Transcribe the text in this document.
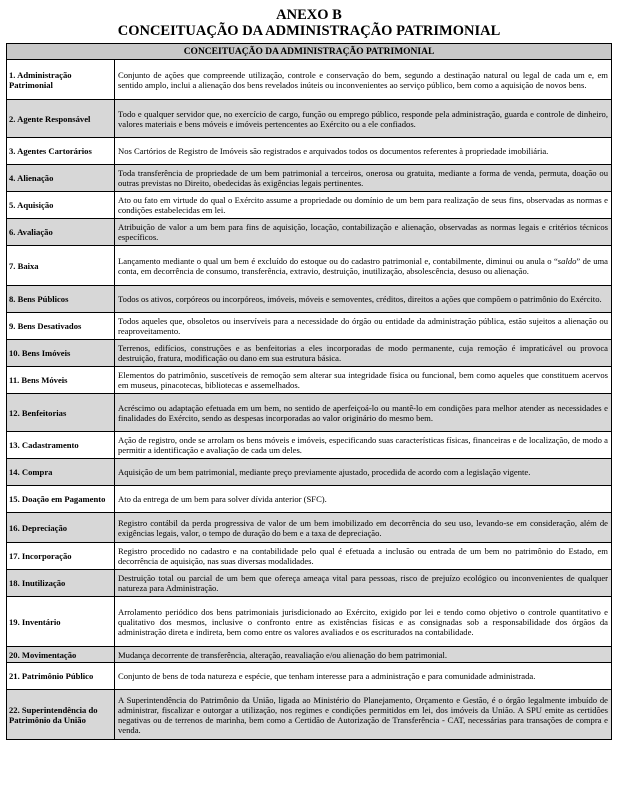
ANEXO B
CONCEITUAÇÃO DA ADMINISTRAÇÃO PATRIMONIAL
CONCEITUAÇÃO DA ADMINISTRAÇÃO PATRIMONIAL	
1. Administração Patrimonial	Conjunto de ações que compreende utilização, controle e conservação do bem, segundo a destinação natural ou legal de cada um e, em sentido amplo, inclui a alienação dos bens revelados inúteis ou inconvenientes ao serviço público, bem como a aquisição de novos bens.
2. Agente Responsável	Todo e qualquer servidor que, no exercício de cargo, função ou emprego público, responde pela administração, guarda e controle de dinheiro, valores materiais e bens móveis e imóveis pertencentes ao Exército ou a ele confiados.
3. Agentes Cartorários	Nos Cartórios de Registro de Imóveis são registrados e arquivados todos os documentos referentes à propriedade imobiliária.
4. Alienação	Toda transferência de propriedade de um bem patrimonial a terceiros, onerosa ou gratuita, mediante a forma de venda, permuta, doação ou outras previstas no Direito, obedecidas às exigências legais pertinentes.
5. Aquisição	Ato ou fato em virtude do qual o Exército assume a propriedade ou domínio de um bem para realização de seus fins, observadas as normas e condições estabelecidas em lei.
6. Avaliação	Atribuição de valor a um bem para fins de aquisição, locação, contabilização e alienação, observadas as normas legais e critérios técnicos específicos.
7. Baixa	Lançamento mediante o qual um bem é excluído do estoque ou do cadastro patrimonial e, contabilmente, diminui ou anula o “saldo” de uma conta, em decorrência de consumo, transferência, extravio, destruição, inutilização, absolescência, desuso ou alienação.
8. Bens Públicos	Todos os ativos, corpóreos ou incorpóreos, imóveis, móveis e semoventes, créditos, direitos a ações que compõem o patrimônio do Exército.
9. Bens Desativados	Todos aqueles que, obsoletos ou inservíveis para a necessidade do órgão ou entidade da administração pública, estão sujeitos a alienação ou reaproveitamento.
10. Bens Imóveis	Terrenos, edifícios, construções e as benfeitorias a eles incorporadas de modo permanente, cuja remoção é impraticável ou provoca destruição, fratura, modificação ou dano em sua estrutura básica.
11. Bens Móveis	Elementos do patrimônio, suscetíveis de remoção sem alterar sua integridade física ou funcional, bem como aqueles que constituem acervos em museus, pinacotecas, bibliotecas e assemelhados.
12. Benfeitorias	Acréscimo ou adaptação efetuada em um bem, no sentido de aperfeiçoá-lo ou mantê-lo em condições para melhor atender as necessidades e finalidades do Exército, sendo as despesas incorporadas ao valor originário do mesmo bem.
13. Cadastramento	Ação de registro, onde se arrolam os bens móveis e imóveis, especificando suas características físicas, financeiras e de localização, de modo a permitir a identificação e avaliação de cada um deles.
14. Compra	Aquisição de um bem patrimonial, mediante preço previamente ajustado, procedida de acordo com a legislação vigente.
15. Doação em Pagamento	Ato da entrega de um bem para solver dívida anterior (SFC).
16. Depreciação	Registro contábil da perda progressiva de valor de um bem imobilizado em decorrência do seu uso, levando-se em consideração, além de exigências legais, valor, o tempo de duração do bem e a taxa de depreciação.
17. Incorporação	Registro procedido no cadastro e na contabilidade pelo qual é efetuada a inclusão ou entrada de um bem no patrimônio do Estado, em decorrência de aquisição, nas suas diversas modalidades.
18. Inutilização	Destruição total ou parcial de um bem que ofereça ameaça vital para pessoas, risco de prejuízo ecológico ou inconvenientes de qualquer natureza para Administração.
19. Inventário	Arrolamento periódico dos bens patrimoniais jurisdicionado ao Exército, exigido por lei e tendo como objetivo o controle quantitativo e qualitativo dos mesmos, inclusive o confronto entre as existências físicas e as consignadas sob a responsabilidade dos órgãos da administração direta e indireta, bem como entre os valores avaliados e os escriturados na contabilidade.
20. Movimentação	Mudança decorrente de transferência, alteração, reavaliação e/ou alienação do bem patrimonial.
21. Patrimônio Público	Conjunto de bens de toda natureza e espécie, que tenham interesse para a administração e para comunidade administrada.
22. Superintendência do Patrimônio da União	A Superintendência do Patrimônio da União, ligada ao Ministério do Planejamento, Orçamento e Gestão, é o órgão legalmente imbuído de administrar, fiscalizar e outorgar a utilização, nos regimes e condições permitidos em lei, dos imóveis da União. A SPU emite as certidões negativas ou de terrenos de marinha, bem como a Certidão de Autorização de Transferência - CAT, necessárias para transações de compra e venda.
